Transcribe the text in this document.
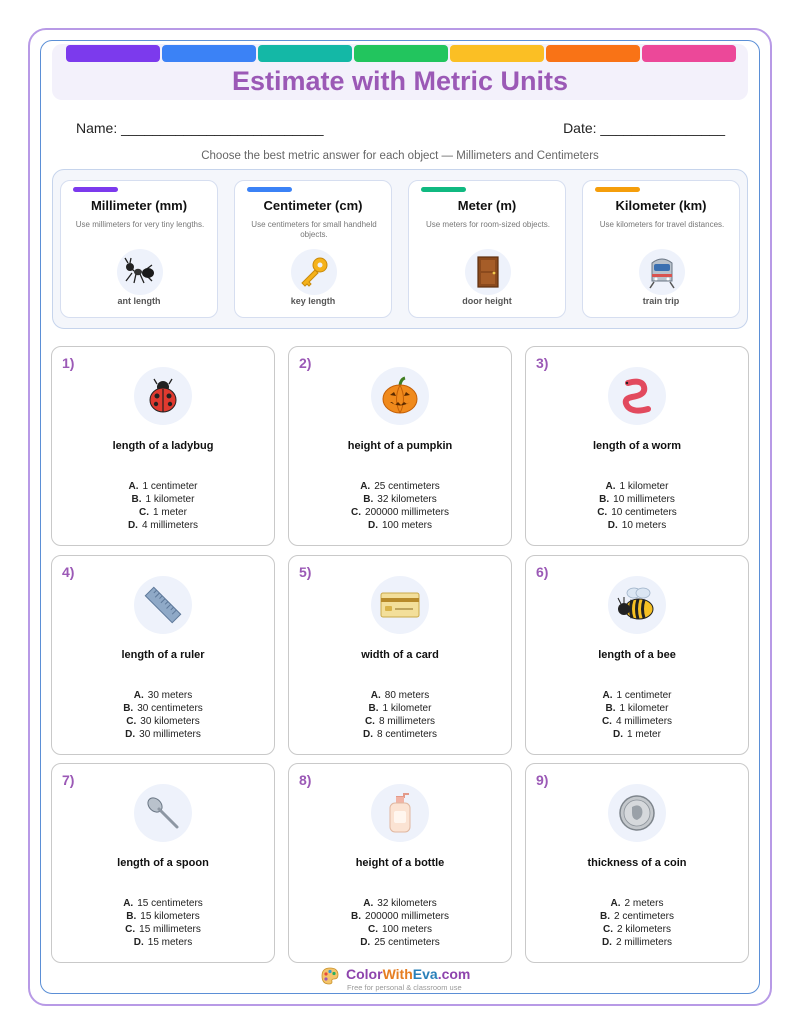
Estimate with Metric Units
Name: __________________________	Date: ________________
Choose the best metric answer for each object — Millimeters and Centimeters
Millimeter (mm)
Use millimeters for very tiny lengths.
ant length
Centimeter (cm)
Use centimeters for small handheld objects.
key length
Meter (m)
Use meters for room-sized objects.
door height
Kilometer (km)
Use kilometers for travel distances.
train trip
1)
length of a ladybug
A. 1 centimeter
B. 1 kilometer
C. 1 meter
D. 4 millimeters
2)
height of a pumpkin
A. 25 centimeters
B. 32 kilometers
C. 200000 millimeters
D. 100 meters
3)
length of a worm
A. 1 kilometer
B. 10 millimeters
C. 10 centimeters
D. 10 meters
4)
length of a ruler
A. 30 meters
B. 30 centimeters
C. 30 kilometers
D. 30 millimeters
5)
width of a card
A. 80 meters
B. 1 kilometer
C. 8 millimeters
D. 8 centimeters
6)
length of a bee
A. 1 centimeter
B. 1 kilometer
C. 4 millimeters
D. 1 meter
7)
length of a spoon
A. 15 centimeters
B. 15 kilometers
C. 15 millimeters
D. 15 meters
8)
height of a bottle
A. 32 kilometers
B. 200000 millimeters
C. 100 meters
D. 25 centimeters
9)
thickness of a coin
A. 2 meters
B. 2 centimeters
C. 2 kilometers
D. 2 millimeters
ColorWithEva.com
Free for personal & classroom use
